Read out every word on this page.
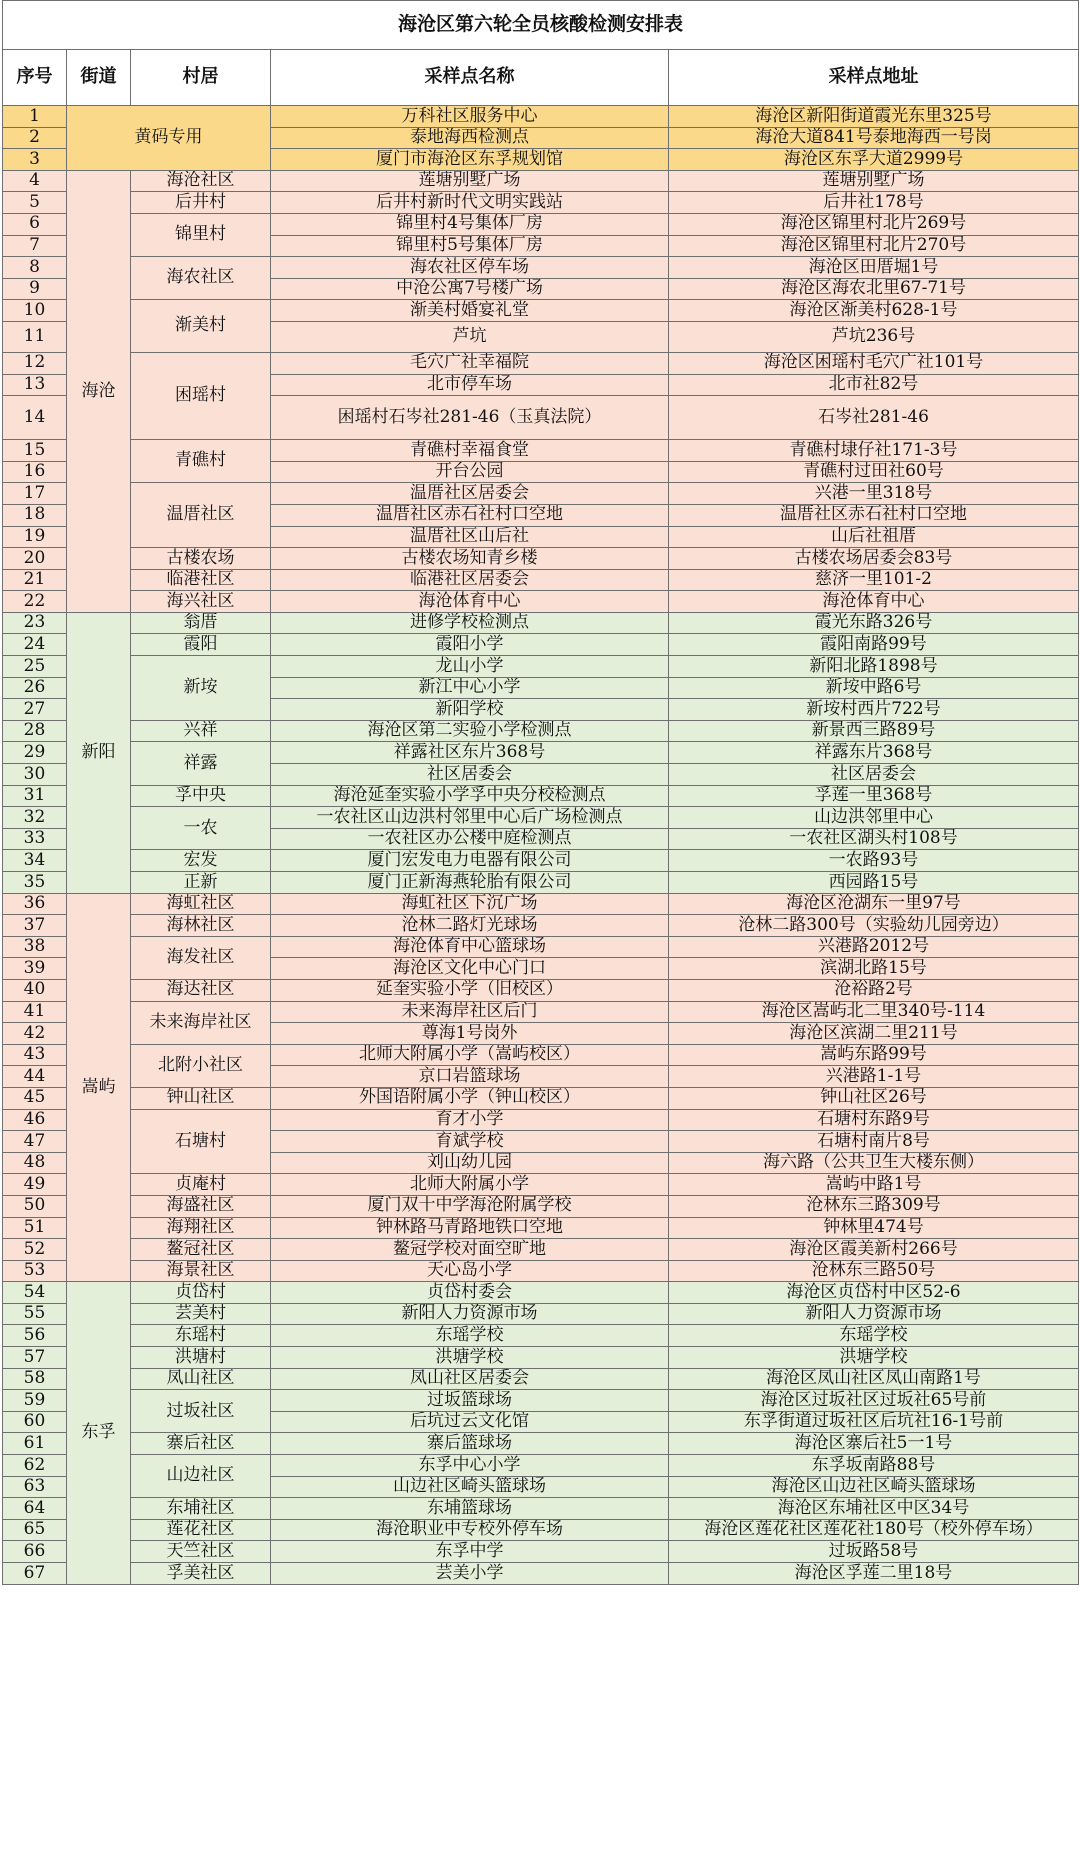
海沧区第六轮全员核酸检测安排表				
序号	街道	村居	采样点名称	采样点地址
1	黄码专用		万科社区服务中心	海沧区新阳街道霞光东里325号
2			泰地海西检测点	海沧大道841号泰地海西一号岗
3			厦门市海沧区东孚规划馆	海沧区东孚大道2999号
4	海沧	海沧社区	莲塘别墅广场	莲塘别墅广场
5		后井村	后井村新时代文明实践站	后井社178号
6		锦里村	锦里村4号集体厂房	海沧区锦里村北片269号
7			锦里村5号集体厂房	海沧区锦里村北片270号
8		海农社区	海农社区停车场	海沧区田厝堀1号
9			中沧公寓7号楼广场	海沧区海农北里67-71号
10		渐美村	渐美村婚宴礼堂	海沧区渐美村628-1号
11			芦坑	芦坑236号
12		困瑶村	毛穴广社幸福院	海沧区困瑶村毛穴广社101号
13			北市停车场	北市社82号
14			困瑶村石岑社281-46（玉真法院）	石岑社281-46
15		青礁村	青礁村幸福食堂	青礁村埭仔社171-3号
16			开台公园	青礁村过田社60号
17		温厝社区	温厝社区居委会	兴港一里318号
18			温厝社区赤石社村口空地	温厝社区赤石社村口空地
19			温厝社区山后社	山后社祖厝
20		古楼农场	古楼农场知青乡楼	古楼农场居委会83号
21		临港社区	临港社区居委会	慈济一里101-2
22		海兴社区	海沧体育中心	海沧体育中心
23	新阳	翁厝	进修学校检测点	霞光东路326号
24		霞阳	霞阳小学	霞阳南路99号
25		新垵	龙山小学	新阳北路1898号
26			新江中心小学	新垵中路6号
27			新阳学校	新垵村西片722号
28		兴祥	海沧区第二实验小学检测点	新景西三路89号
29		祥露	祥露社区东片368号	祥露东片368号
30			社区居委会	社区居委会
31		孚中央	海沧延奎实验小学孚中央分校检测点	孚莲一里368号
32		一农	一农社区山边洪村邻里中心后广场检测点	山边洪邻里中心
33			一农社区办公楼中庭检测点	一农社区湖头村108号
34		宏发	厦门宏发电力电器有限公司	一农路93号
35		正新	厦门正新海燕轮胎有限公司	西园路15号
36	嵩屿	海虹社区	海虹社区下沉广场	海沧区沧湖东一里97号
37		海林社区	沧林二路灯光球场	沧林二路300号（实验幼儿园旁边）
38		海发社区	海沧体育中心篮球场	兴港路2012号
39			海沧区文化中心门口	滨湖北路15号
40		海达社区	延奎实验小学（旧校区）	沧裕路2号
41		未来海岸社区	未来海岸社区后门	海沧区嵩屿北二里340号-114
42			尊海1号岗外	海沧区滨湖二里211号
43		北附小社区	北师大附属小学（嵩屿校区）	嵩屿东路99号
44			京口岩篮球场	兴港路1-1号
45		钟山社区	外国语附属小学（钟山校区）	钟山社区26号
46		石塘村	育才小学	石塘村东路9号
47			育斌学校	石塘村南片8号
48			刘山幼儿园	海六路（公共卫生大楼东侧）
49		贞庵村	北师大附属小学	嵩屿中路1号
50		海盛社区	厦门双十中学海沧附属学校	沧林东三路309号
51		海翔社区	钟林路马青路地铁口空地	钟林里474号
52		鳌冠社区	鳌冠学校对面空旷地	海沧区霞美新村266号
53		海景社区	天心岛小学	沧林东三路50号
54	东孚	贞岱村	贞岱村委会	海沧区贞岱村中区52-6
55		芸美村	新阳人力资源市场	新阳人力资源市场
56		东瑶村	东瑶学校	东瑶学校
57		洪塘村	洪塘学校	洪塘学校
58		凤山社区	凤山社区居委会	海沧区凤山社区凤山南路1号
59		过坂社区	过坂篮球场	海沧区过坂社区过坂社65号前
60			后坑过云文化馆	东孚街道过坂社区后坑社16-1号前
61		寨后社区	寨后篮球场	海沧区寨后社5一1号
62		山边社区	东孚中心小学	东孚坂南路88号
63			山边社区崎头篮球场	海沧区山边社区崎头篮球场
64		东埔社区	东埔篮球场	海沧区东埔社区中区34号
65		莲花社区	海沧职业中专校外停车场	海沧区莲花社区莲花社180号（校外停车场）
66		天竺社区	东孚中学	过坂路58号
67		孚美社区	芸美小学	海沧区孚莲二里18号
